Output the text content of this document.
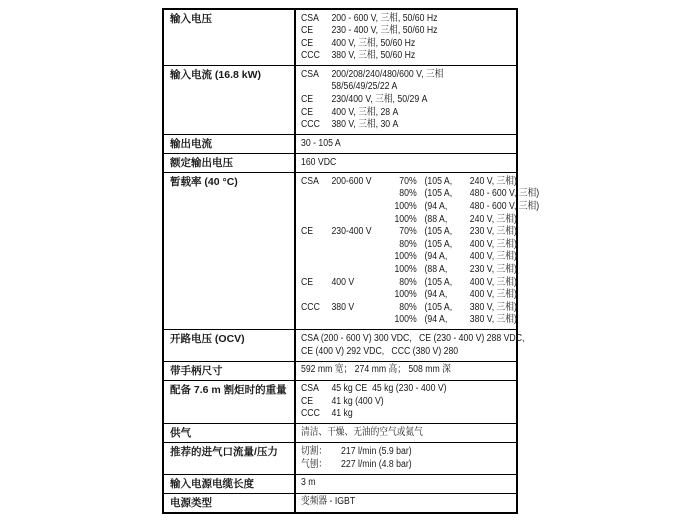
输入电压	CSA	200 - 600 V, 三相, 50/60 Hz
CE	230 - 400 V, 三相, 50/60 Hz
CE	400 V, 三相, 50/60 Hz
CCC	380 V, 三相, 50/60 Hz
输入电流 (16.8 kW)	CSA	200/208/240/480/600 V, 三相
58/56/49/25/22 A
CE	230/400 V, 三相, 50/29 A
CE	400 V, 三相, 28 A
CCC	380 V, 三相, 30 A
输出电流	30 - 105 A
额定输出电压	160 VDC
暂载率 (40 °C)	CSA	200-600 V	70% (105 A,	240 V, 三相)
80% (105 A,	480 - 600 V, 三相)
100% (94 A,	480 - 600 V, 三相)
100% (88 A,	240 V, 三相)
CE	230-400 V	70% (105 A,	230 V, 三相)
80% (105 A,	400 V, 三相)
100% (94 A,	400 V, 三相)
100% (88 A,	230 V, 三相)
CE	400 V	80% (105 A,	400 V, 三相)
100% (94 A,	400 V, 三相)
CCC	380 V	80% (105 A,	380 V, 三相)
100% (94 A,	380 V, 三相)
开路电压 (OCV)	CSA (200 - 600 V) 300 VDC,   CE (230 - 400 V) 288 VDC,
CE (400 V) 292 VDC,   CCC (380 V) 280
带手柄尺寸	592 mm 宽； 274 mm 高； 508 mm 深
配备 7.6 m 割炬时的重量	CSA	45 kg CE  45 kg (230 - 400 V)
CE	41 kg (400 V)
CCC	41 kg
供气	清洁、干燥、无油的空气或氮气
推荐的进气口流量/压力	切割：	217 l/min (5.9 bar)
气刨：	227 l/min (4.8 bar)
输入电源电缆长度	3 m
电源类型	变频器 - IGBT
